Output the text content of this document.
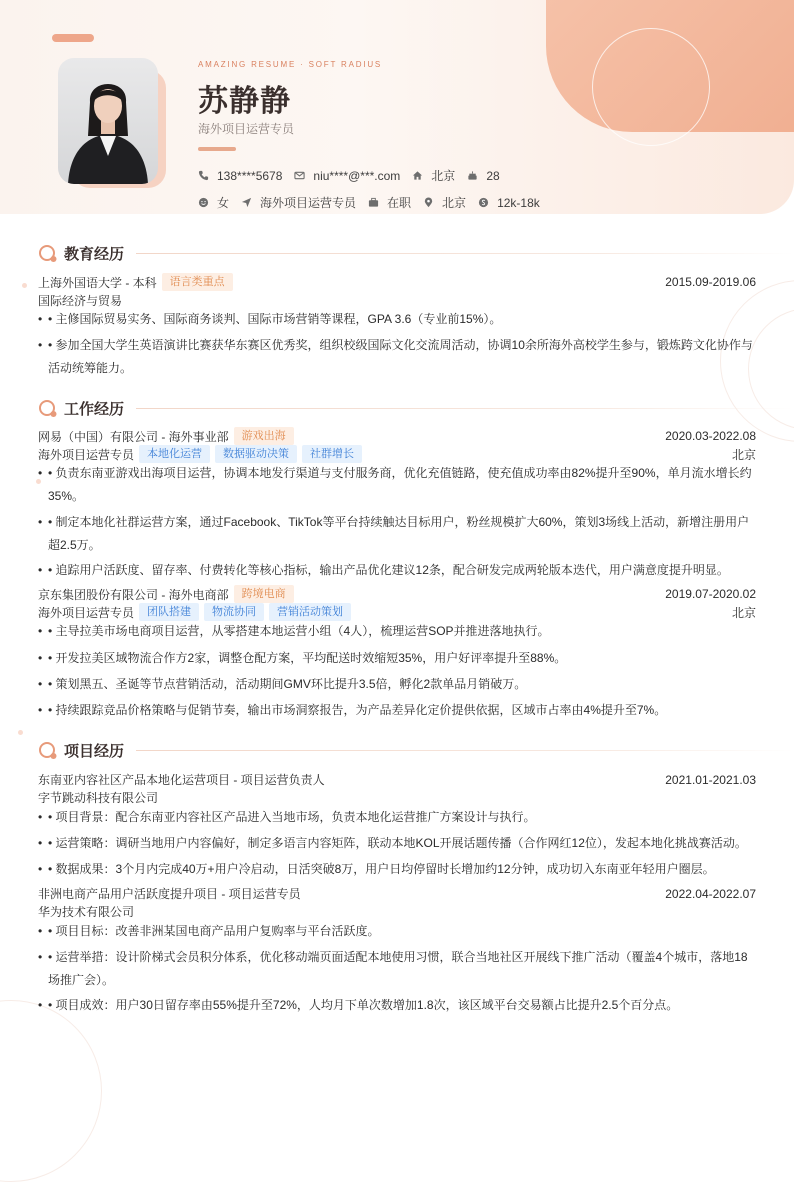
AMAZING RESUME · SOFT RADIUS
苏静静
海外项目运营专员
138****5678	niu****@***.com	北京	28
女	海外项目运营专员	在职	北京	12k-18k
教育经历
上海外国语大学 - 本科	语言类重点	2015.09-2019.06
国际经济与贸易
• • 主修国际贸易实务、国际商务谈判、国际市场营销等课程，GPA 3.6（专业前15%）。
• • 参加全国大学生英语演讲比赛获华东赛区优秀奖，组织校级国际文化交流周活动，协调10余所海外高校学生参与，锻炼跨文化协作与活动统筹能力。
工作经历
网易（中国）有限公司 - 海外事业部	游戏出海	2020.03-2022.08
海外项目运营专员	本地化运营	数据驱动决策	社群增长	北京
• • 负责东南亚游戏出海项目运营，协调本地发行渠道与支付服务商，优化充值链路，使充值成功率由82%提升至90%，单月流水增长约35%。
• • 制定本地化社群运营方案，通过Facebook、TikTok等平台持续触达目标用户，粉丝规模扩大60%，策划3场线上活动，新增注册用户超2.5万。
• • 追踪用户活跃度、留存率、付费转化等核心指标，输出产品优化建议12条，配合研发完成两轮版本迭代，用户满意度提升明显。
京东集团股份有限公司 - 海外电商部	跨境电商	2019.07-2020.02
海外项目运营专员	团队搭建	物流协同	营销活动策划	北京
• • 主导拉美市场电商项目运营，从零搭建本地运营小组（4人），梳理运营SOP并推进落地执行。
• • 开发拉美区域物流合作方2家，调整仓配方案，平均配送时效缩短35%，用户好评率提升至88%。
• • 策划黑五、圣诞等节点营销活动，活动期间GMV环比提升3.5倍，孵化2款单品月销破万。
• • 持续跟踪竞品价格策略与促销节奏，输出市场洞察报告，为产品差异化定价提供依据，区域市占率由4%提升至7%。
项目经历
东南亚内容社区产品本地化运营项目 - 项目运营负责人	2021.01-2021.03
字节跳动科技有限公司
• • 项目背景：配合东南亚内容社区产品进入当地市场，负责本地化运营推广方案设计与执行。
• • 运营策略：调研当地用户内容偏好，制定多语言内容矩阵，联动本地KOL开展话题传播（合作网红12位），发起本地化挑战赛活动。
• • 数据成果：3个月内完成40万+用户冷启动，日活突破8万，用户日均停留时长增加约12分钟，成功切入东南亚年轻用户圈层。
非洲电商产品用户活跃度提升项目 - 项目运营专员	2022.04-2022.07
华为技术有限公司
• • 项目目标：改善非洲某国电商产品用户复购率与平台活跃度。
• • 运营举措：设计阶梯式会员积分体系，优化移动端页面适配本地使用习惯，联合当地社区开展线下推广活动（覆盖4个城市，落地18场推广会）。
• • 项目成效：用户30日留存率由55%提升至72%，人均月下单次数增加1.8次，该区域平台交易额占比提升2.5个百分点。
